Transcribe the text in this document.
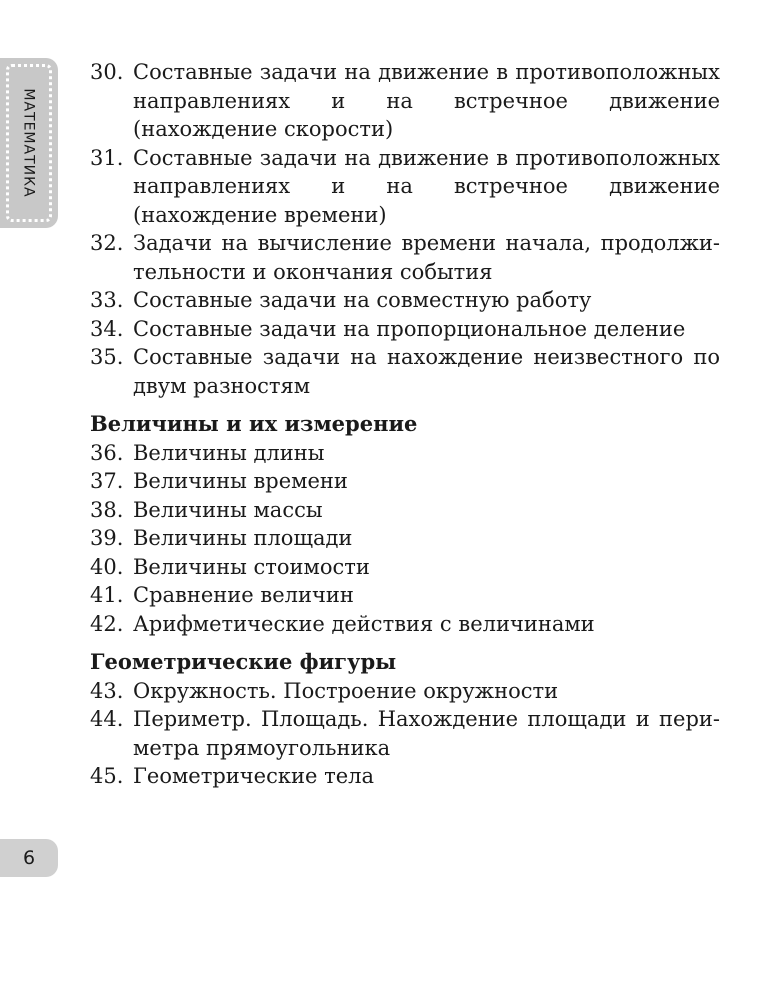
МАТЕМАТИКА
30. Составные задачи на движение в противоположных направлениях и на встречное движение (нахождение скорости)
31. Составные задачи на движение в противоположных направлениях и на встречное движение (нахождение времени)
32. Задачи на вычисление времени начала, продолжительности и окончания события
33. Составные задачи на совместную работу
34. Составные задачи на пропорциональное деление
35. Составные задачи на нахождение неизвестного по двум разностям
Величины и их измерение
36. Величины длины
37. Величины времени
38. Величины массы
39. Величины площади
40. Величины стоимости
41. Сравнение величин
42. Арифметические действия с величинами
Геометрические фигуры
43. Окружность. Построение окружности
44. Периметр. Площадь. Нахождение площади и периметра прямоугольника
45. Геометрические тела
6
